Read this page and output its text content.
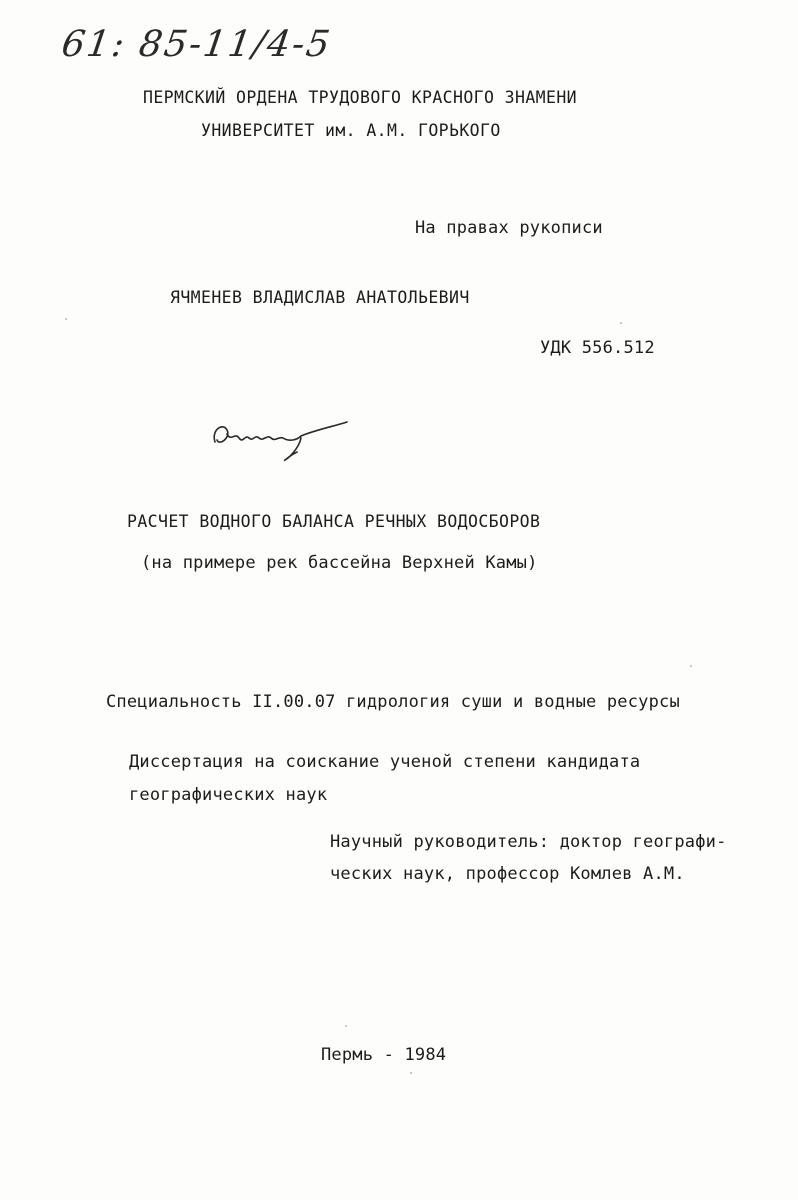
61: 85-11/4-5
ПЕРМСКИЙ ОРДЕНА ТРУДОВОГО КРАСНОГО ЗНАМЕНИ
УНИВЕРСИТЕТ им. А.М. ГОРЬКОГО
На правах рукописи
ЯЧМЕНЕВ ВЛАДИСЛАВ АНАТОЛЬЕВИЧ
УДК 556.512
РАСЧЕТ ВОДНОГО БАЛАНСА РЕЧНЫХ ВОДОСБОРОВ
(на примере рек бассейна Верхней Камы)
Специальность II.00.07 гидрология суши и водные ресурсы
Диссертация на соискание ученой степени кандидата
географических наук
Научный руководитель: доктор географи-
ческих наук, профессор Комлев А.М.
Пермь - 1984
